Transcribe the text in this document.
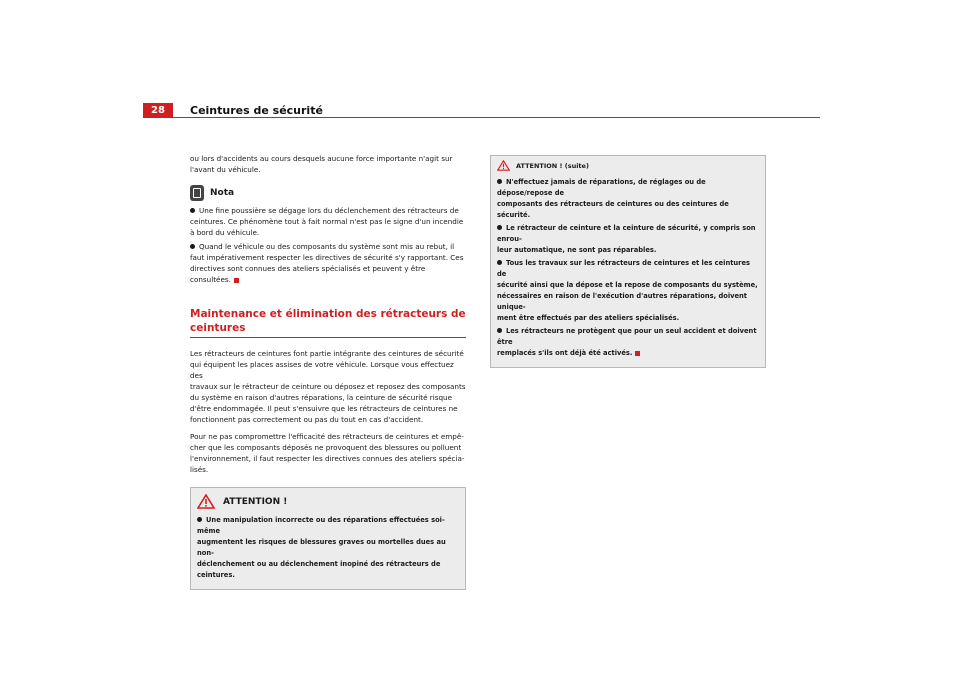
28	Ceintures de sécurité

ou lors d'accidents au cours desquels aucune force importante n'agit sur
l'avant du véhicule.

Nota
Une fine poussière se dégage lors du déclenchement des rétracteurs de
ceintures. Ce phénomène tout à fait normal n'est pas le signe d'un incendie
à bord du véhicule.
Quand le véhicule ou des composants du système sont mis au rebut, il
faut impérativement respecter les directives de sécurité s'y rapportant. Ces
directives sont connues des ateliers spécialisés et peuvent y être
consultées.
Maintenance et élimination des rétracteurs de ceintures

Les rétracteurs de ceintures font partie intégrante des ceintures de sécurité
qui équipent les places assises de votre véhicule. Lorsque vous effectuez des
travaux sur le rétracteur de ceinture ou déposez et reposez des composants
du système en raison d'autres réparations, la ceinture de sécurité risque
d'être endommagée. Il peut s'ensuivre que les rétracteurs de ceintures ne
fonctionnent pas correctement ou pas du tout en cas d'accident.

Pour ne pas compromettre l'efficacité des rétracteurs de ceintures et empê-
cher que les composants déposés ne provoquent des blessures ou polluent
l'environnement, il faut respecter les directives connues des ateliers spécia-
lisés.

ATTENTION !
Une manipulation incorrecte ou des réparations effectuées soi-même
augmentent les risques de blessures graves ou mortelles dues au non-
déclenchement ou au déclenchement inopiné des rétracteurs de ceintures.
ATTENTION ! (suite)
N'effectuez jamais de réparations, de réglages ou de dépose/repose de
composants des rétracteurs de ceintures ou des ceintures de sécurité.
Le rétracteur de ceinture et la ceinture de sécurité, y compris son enrou-
leur automatique, ne sont pas réparables.
Tous les travaux sur les rétracteurs de ceintures et les ceintures de
sécurité ainsi que la dépose et la repose de composants du système,
nécessaires en raison de l'exécution d'autres réparations, doivent unique-
ment être effectués par des ateliers spécialisés.
Les rétracteurs ne protègent que pour un seul accident et doivent être
remplacés s'ils ont déjà été activés.
